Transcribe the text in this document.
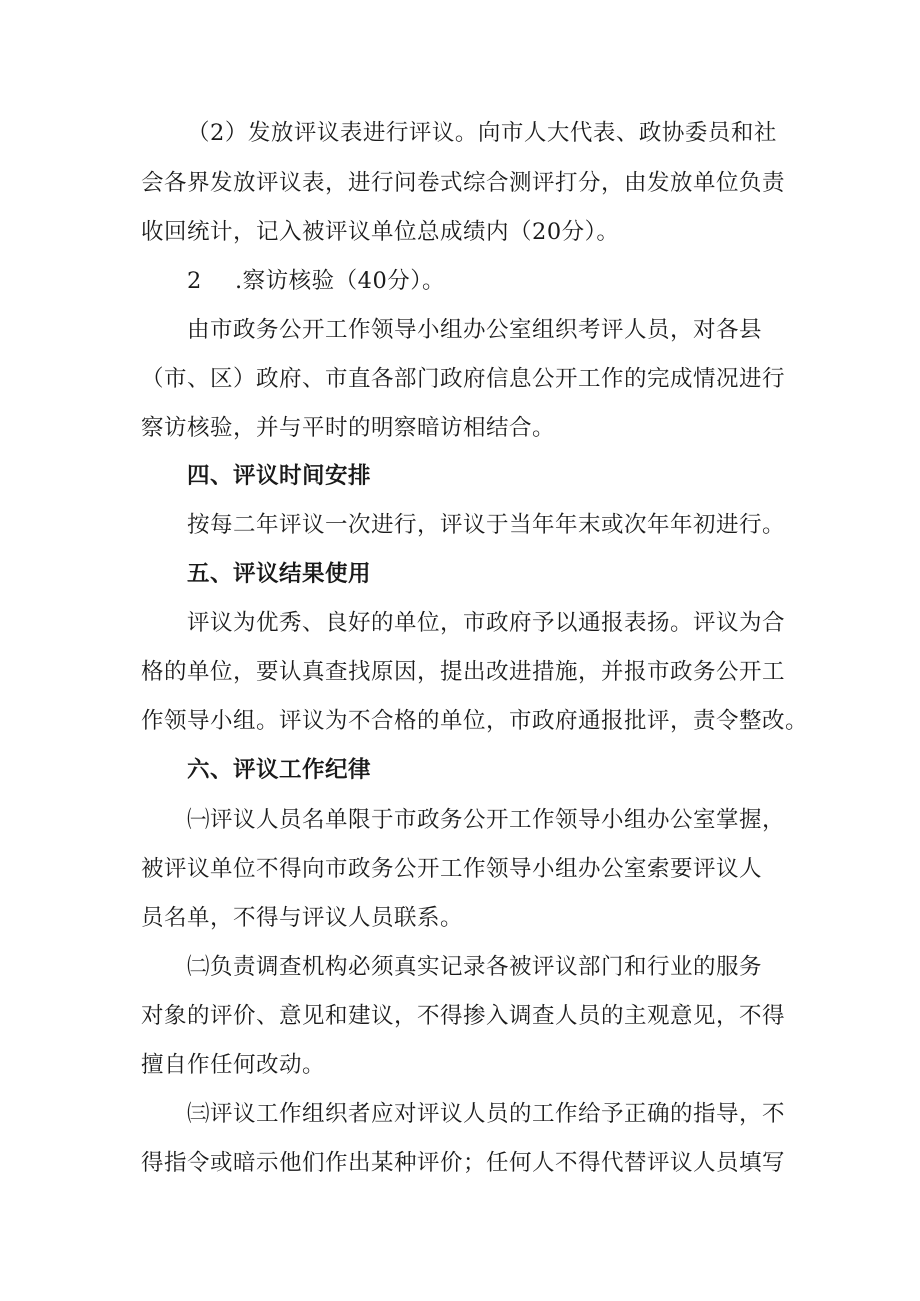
（2）发放评议表进行评议。向市人大代表、政协委员和社
会各界发放评议表，进行问卷式综合测评打分，由发放单位负责
收回统计，记入被评议单位总成绩内（20分）。
2 .察访核验（40分）。
由市政务公开工作领导小组办公室组织考评人员，对各县
（市、区）政府、市直各部门政府信息公开工作的完成情况进行
察访核验，并与平时的明察暗访相结合。
四、评议时间安排
按每二年评议一次进行，评议于当年年末或次年年初进行。
五、评议结果使用
评议为优秀、良好的单位，市政府予以通报表扬。评议为合
格的单位，要认真查找原因，提出改进措施，并报市政务公开工
作领导小组。评议为不合格的单位，市政府通报批评，责令整改。
六、评议工作纪律
㈠评议人员名单限于市政务公开工作领导小组办公室掌握，
被评议单位不得向市政务公开工作领导小组办公室索要评议人
员名单，不得与评议人员联系。
㈡负责调查机构必须真实记录各被评议部门和行业的服务
对象的评价、意见和建议，不得掺入调查人员的主观意见，不得
擅自作任何改动。
㈢评议工作组织者应对评议人员的工作给予正确的指导，不
得指令或暗示他们作出某种评价；任何人不得代替评议人员填写
